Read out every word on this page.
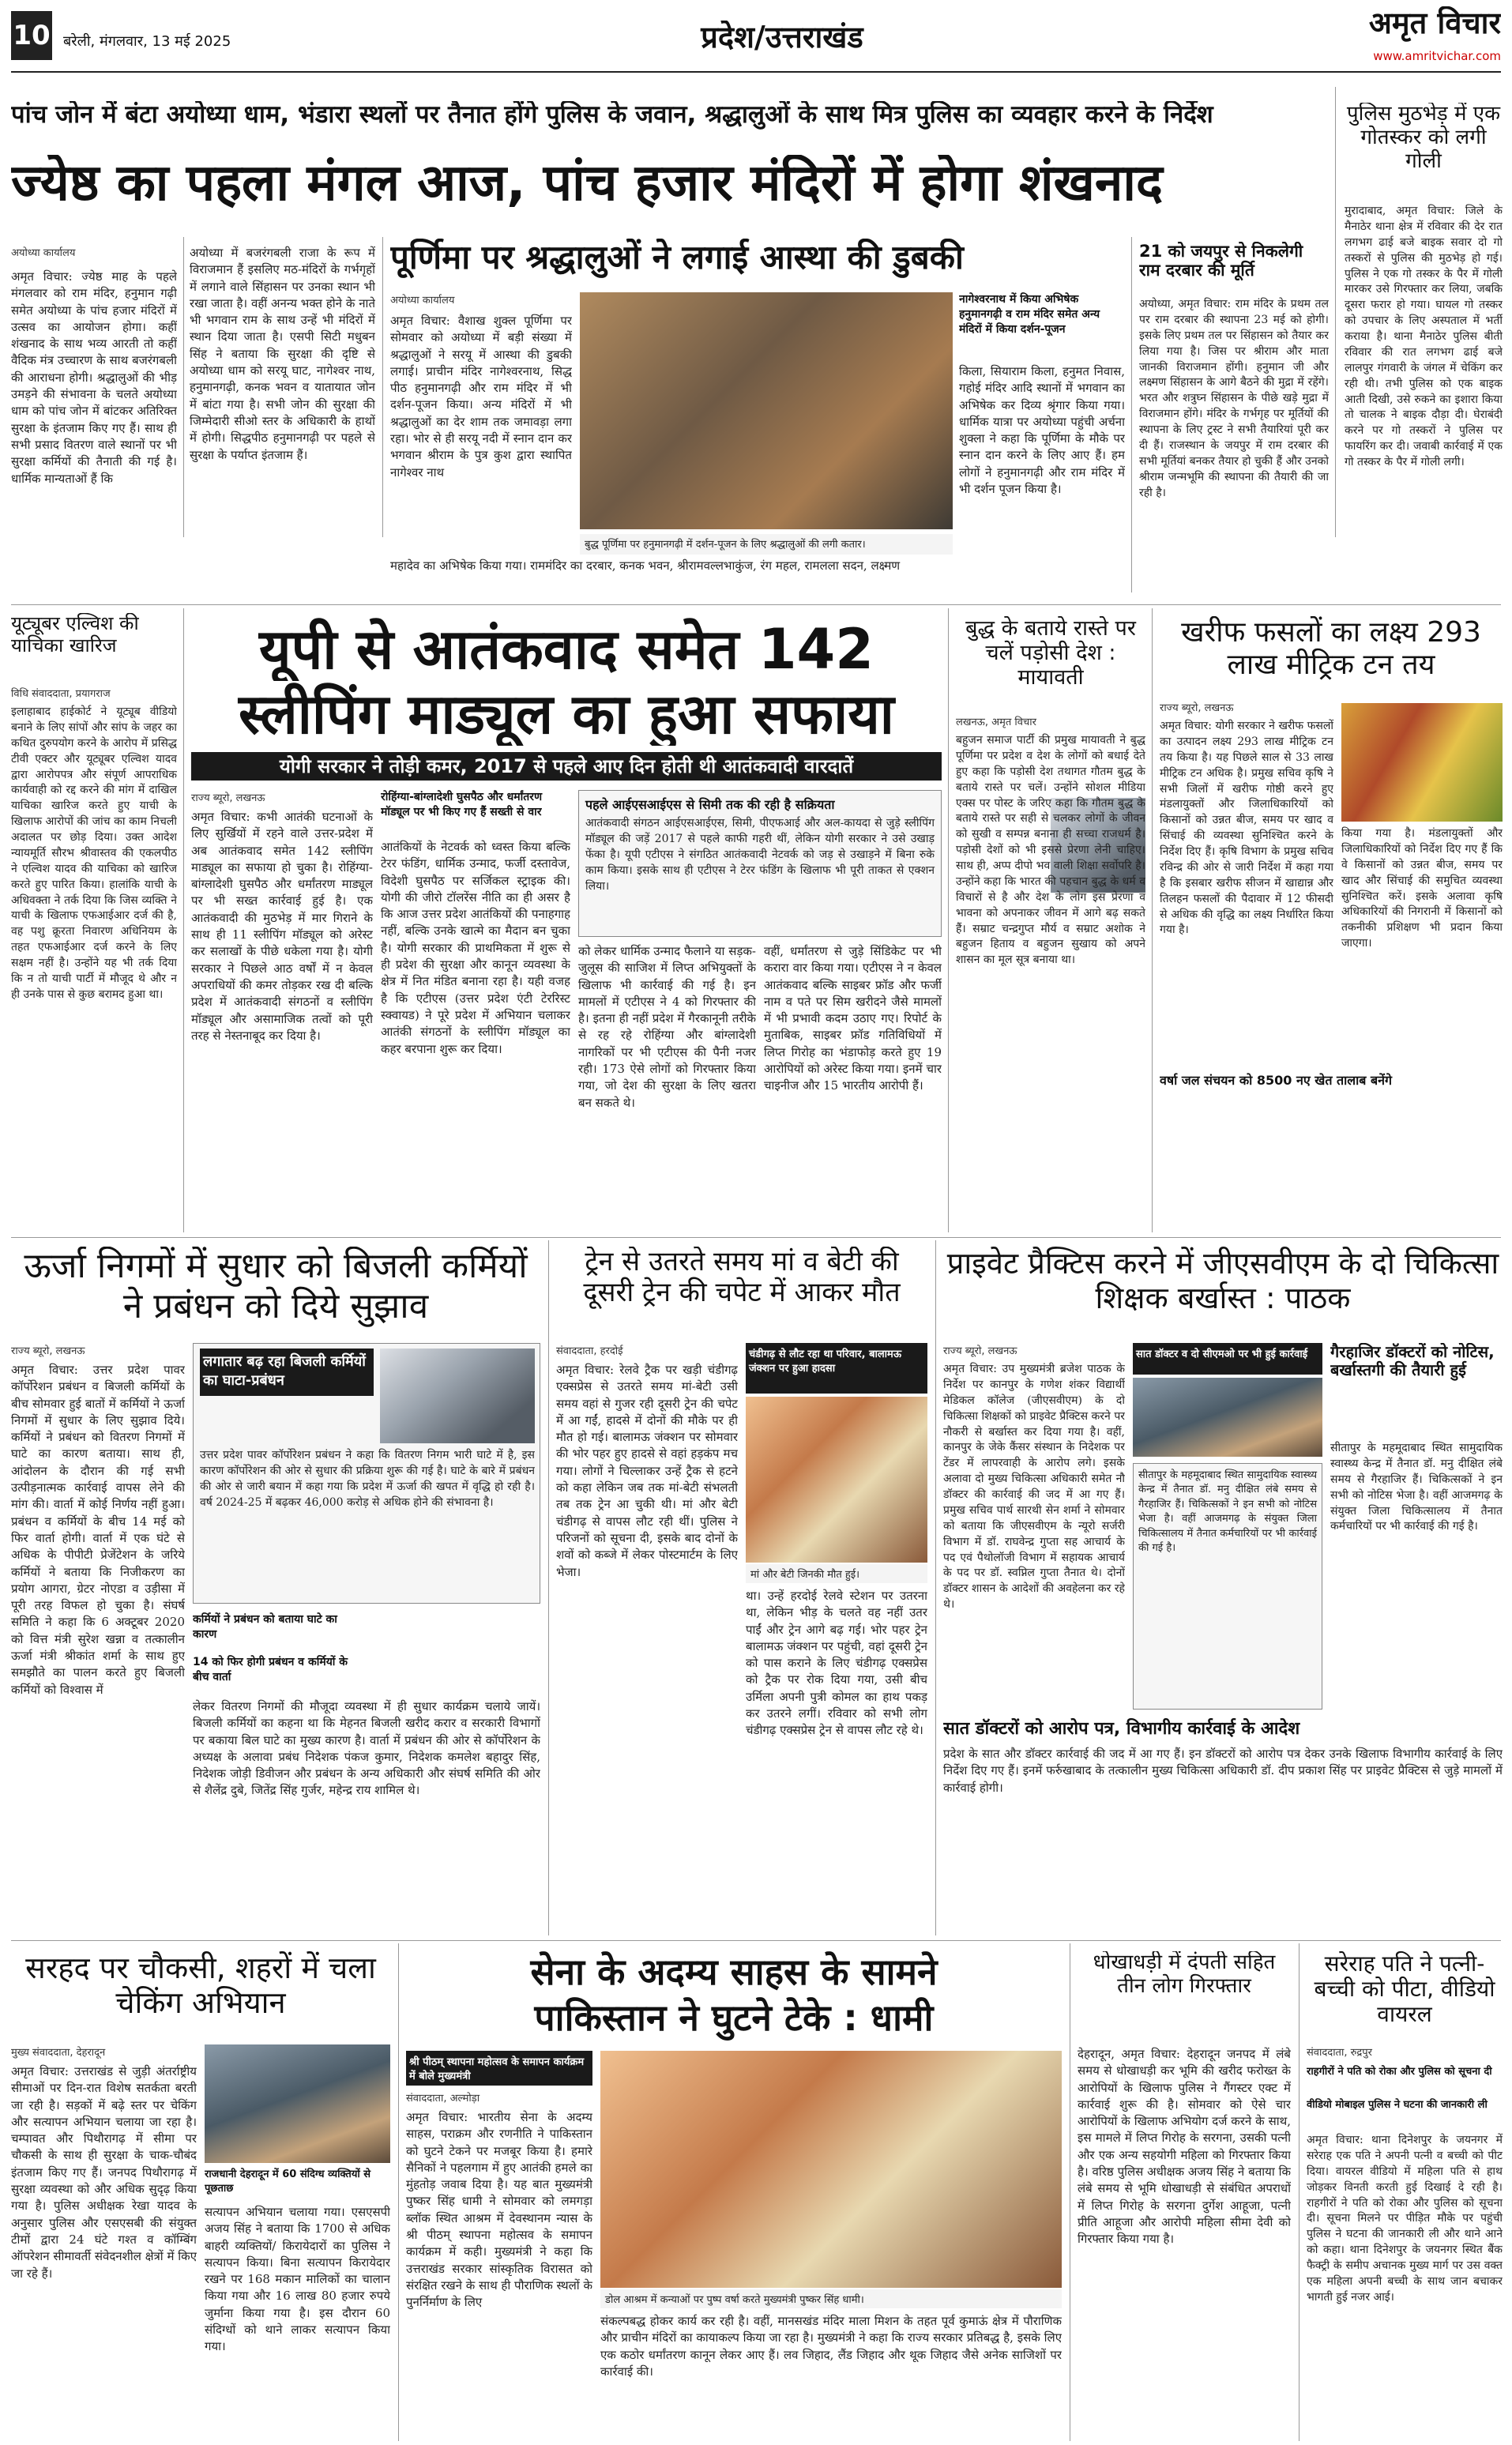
10 बरेली, मंगलवार, 13 मई 2025	प्रदेश/उत्तराखंड	अमृत विचार
www.amritvichar.com
पांच जोन में बंटा अयोध्या धाम, भंडारा स्थलों पर तैनात होंगे पुलिस के जवान, श्रद्धालुओं के साथ मित्र पुलिस का व्यवहार करने के निर्देश
ज्येष्ठ का पहला मंगल आज, पांच हजार मंदिरों में होगा शंखनाद
अयोध्या कार्यालय
अमृत विचार: ज्येष्ठ माह के पहले मंगलवार को राम मंदिर, हनुमान गढ़ी समेत अयोध्या के पांच हजार मंदिरों में उत्सव का आयोजन होगा। कहीं शंखनाद के साथ भव्य आरती तो कहीं वैदिक मंत्र उच्चारण के साथ बजरंगबली की आराधना होगी। श्रद्धालुओं की भीड़ उमड़ने की संभावना के चलते अयोध्या धाम को पांच जोन में बांटकर अतिरिक्त सुरक्षा के इंतजाम किए गए हैं। साथ ही सभी प्रसाद वितरण वाले स्थानों पर भी सुरक्षा कर्मियों की तैनाती की गई है। धार्मिक मान्यताओं हैं कि
अयोध्या में बजरंगबली राजा के रूप में विराजमान हैं इसलिए मठ-मंदिरों के गर्भगृहों में लगाने वाले सिंहासन पर उनका स्थान भी रखा जाता है। वहीं अनन्य भक्त होने के नाते भी भगवान राम के साथ उन्हें भी मंदिरों में स्थान दिया जाता है। एसपी सिटी मधुबन सिंह ने बताया कि सुरक्षा की दृष्टि से अयोध्या धाम को सरयू घाट, नागेश्वर नाथ, हनुमानगढ़ी, कनक भवन व यातायात जोन में बांटा गया है। सभी जोन की सुरक्षा की जिम्मेदारी सीओ स्तर के अधिकारी के हाथों में होगी। सिद्धपीठ हनुमानगढ़ी पर पहले से सुरक्षा के पर्याप्त इंतजाम हैं।
पूर्णिमा पर श्रद्धालुओं ने लगाई आस्था की डुबकी
अयोध्या कार्यालय
अमृत विचार: वैशाख शुक्ल पूर्णिमा पर सोमवार को अयोध्या में बड़ी संख्या में श्रद्धालुओं ने सरयू में आस्था की डुबकी लगाई। प्राचीन मंदिर नागेश्वरनाथ, सिद्ध पीठ हनुमानगढ़ी और राम मंदिर में भी दर्शन-पूजन किया। अन्य मंदिरों में भी श्रद्धालुओं का देर शाम तक जमावड़ा लगा रहा। भोर से ही सरयू नदी में स्नान दान कर भगवान श्रीराम के पुत्र कुश द्वारा स्थापित नागेश्वर नाथ
बुद्ध पूर्णिमा पर हनुमानगढ़ी में दर्शन-पूजन के लिए श्रद्धालुओं की लगी कतार।
नागेश्वरनाथ में किया अभिषेक हनुमानगढ़ी व राम मंदिर समेत अन्य मंदिरों में किया दर्शन-पूजन
किला, सियाराम किला, हनुमत निवास, गहोई मंदिर आदि स्थानों में भगवान का अभिषेक कर दिव्य श्रृंगार किया गया। धार्मिक यात्रा पर अयोध्या पहुंची अर्चना शुक्ला ने कहा कि पूर्णिमा के मौके पर स्नान दान करने के लिए आए हैं। हम लोगों ने हनुमानगढ़ी और राम मंदिर में भी दर्शन पूजन किया है।
महादेव का अभिषेक किया गया। राममंदिर का दरबार, कनक भवन, श्रीरामवल्लभाकुंज, रंग महल, रामलला सदन, लक्ष्मण
21 को जयपुर से निकलेगी राम दरबार की मूर्ति
अयोध्या, अमृत विचार: राम मंदिर के प्रथम तल पर राम दरबार की स्थापना 23 मई को होगी। इसके लिए प्रथम तल पर सिंहासन को तैयार कर लिया गया है। जिस पर श्रीराम और माता जानकी विराजमान होंगी। हनुमान जी और लक्ष्मण सिंहासन के आगे बैठने की मुद्रा में रहेंगे। भरत और शत्रुघ्न सिंहासन के पीछे खड़े मुद्रा में विराजमान होंगे। मंदिर के गर्भगृह पर मूर्तियों की स्थापना के लिए ट्रस्ट ने सभी तैयारियां पूरी कर दी हैं। राजस्थान के जयपुर में राम दरबार की सभी मूर्तियां बनकर तैयार हो चुकी हैं और उनको श्रीराम जन्मभूमि की स्थापना की तैयारी की जा रही है।
पुलिस मुठभेड़ में एक गोतस्कर को लगी गोली
मुरादाबाद, अमृत विचार: जिले के मैनाठेर थाना क्षेत्र में रविवार की देर रात लगभग ढाई बजे बाइक सवार दो गो तस्करों से पुलिस की मुठभेड़ हो गई। पुलिस ने एक गो तस्कर के पैर में गोली मारकर उसे गिरफ्तार कर लिया, जबकि दूसरा फरार हो गया। घायल गो तस्कर को उपचार के लिए अस्पताल में भर्ती कराया है। थाना मैनाठेर पुलिस बीती रविवार की रात लगभग ढाई बजे लालपुर गंगवारी के जंगल में चेकिंग कर रही थी। तभी पुलिस को एक बाइक आती दिखी, उसे रुकने का इशारा किया तो चालक ने बाइक दौड़ा दी। घेराबंदी करने पर गो तस्करों ने पुलिस पर फायरिंग कर दी। जवाबी कार्रवाई में एक गो तस्कर के पैर में गोली लगी।
यूट्यूबर एल्विश की याचिका खारिज
विधि संवाददाता, प्रयागराज
इलाहाबाद हाईकोर्ट ने यूट्यूब वीडियो बनाने के लिए सांपों और सांप के जहर का कथित दुरुपयोग करने के आरोप में प्रसिद्ध टीवी एक्टर और यूट्यूबर एल्विश यादव द्वारा आरोपपत्र और संपूर्ण आपराधिक कार्यवाही को रद्द करने की मांग में दाखिल याचिका खारिज करते हुए याची के खिलाफ आरोपों की जांच का काम निचली अदालत पर छोड़ दिया। उक्त आदेश न्यायमूर्ति सौरभ श्रीवास्तव की एकलपीठ ने एल्विश यादव की याचिका को खारिज करते हुए पारित किया। हालांकि याची के अधिवक्ता ने तर्क दिया कि जिस व्यक्ति ने याची के खिलाफ एफआईआर दर्ज की है, वह पशु क्रूरता निवारण अधिनियम के तहत एफआईआर दर्ज करने के लिए सक्षम नहीं है। उन्होंने यह भी तर्क दिया कि न तो याची पार्टी में मौजूद थे और न ही उनके पास से कुछ बरामद हुआ था।
यूपी से आतंकवाद समेत 142
स्लीपिंग माड्यूल का हुआ सफाया
योगी सरकार ने तोड़ी कमर, 2017 से पहले आए दिन होती थी आतंकवादी वारदातें
राज्य ब्यूरो, लखनऊ
अमृत विचार: कभी आतंकी घटनाओं के लिए सुर्खियों में रहने वाले उत्तर-प्रदेश में अब आतंकवाद समेत 142 स्लीपिंग माड्यूल का सफाया हो चुका है। रोहिंग्या-बांग्लादेशी घुसपैठ और धर्मांतरण माड्यूल पर भी सख्त कार्रवाई हुई है। एक आतंकवादी की मुठभेड़ में मार गिराने के साथ ही 11 स्लीपिंग मॉड्यूल को अरेस्ट कर सलाखों के पीछे धकेला गया है। योगी सरकार ने पिछले आठ वर्षों में न केवल अपराधियों की कमर तोड़कर रख दी बल्कि प्रदेश में आतंकवादी संगठनों व स्लीपिंग मॉड्यूल और असामाजिक तत्वों को पूरी तरह से नेस्तनाबूद कर दिया है।
रोहिंग्या-बांग्लादेशी घुसपैठ और धर्मांतरण मॉड्यूल पर भी किए गए हैं सख्ती से वार
आतंकियों के नेटवर्क को ध्वस्त किया बल्कि टेरर फंडिंग, धार्मिक उन्माद, फर्जी दस्तावेज, विदेशी घुसपैठ पर सर्जिकल स्ट्राइक की। योगी की जीरो टॉलरेंस नीति का ही असर है कि आज उत्तर प्रदेश आतंकियों की पनाहगाह नहीं, बल्कि उनके खात्मे का मैदान बन चुका है। योगी सरकार की प्राथमिकता में शुरू से ही प्रदेश की सुरक्षा और कानून व्यवस्था के क्षेत्र में नित मंडित बनाना रहा है। यही वजह है कि एटीएस (उत्तर प्रदेश एंटी टेररिस्ट स्क्वायड) ने पूरे प्रदेश में अभियान चलाकर आतंकी संगठनों के स्लीपिंग मॉड्यूल का कहर बरपाना शुरू कर दिया।
पहले आईएसआईएस से सिमी तक की रही है सक्रियता
आतंकवादी संगठन आईएसआईएस, सिमी, पीएफआई और अल-कायदा से जुड़े स्लीपिंग मॉड्यूल की जड़ें 2017 से पहले काफी गहरी थीं, लेकिन योगी सरकार ने उसे उखाड़ फेंका है। यूपी एटीएस ने संगठित आतंकवादी नेटवर्क को जड़ से उखाड़ने में बिना रुके काम किया। इसके साथ ही एटीएस ने टेरर फंडिंग के खिलाफ भी पूरी ताकत से एक्शन लिया।
को लेकर धार्मिक उन्माद फैलाने या सड़क-जुलूस की साजिश में लिप्त अभियुक्तों के खिलाफ भी कार्रवाई की गई है। इन मामलों में एटीएस ने 4 को गिरफ्तार की है। इतना ही नहीं प्रदेश में गैरकानूनी तरीके से रह रहे रोहिंग्या और बांग्लादेशी नागरिकों पर भी एटीएस की पैनी नजर रही। 173 ऐसे लोगों को गिरफ्तार किया गया, जो देश की सुरक्षा के लिए खतरा बन सकते थे।
वहीं, धर्मांतरण से जुड़े सिंडिकेट पर भी करारा वार किया गया। एटीएस ने न केवल आतंकवाद बल्कि साइबर फ्रॉड और फर्जी नाम व पते पर सिम खरीदने जैसे मामलों में भी प्रभावी कदम उठाए गए। रिपोर्ट के मुताबिक, साइबर फ्रॉड गतिविधियों में लिप्त गिरोह का भंडाफोड़ करते हुए 19 आरोपियों को अरेस्ट किया गया। इनमें चार चाइनीज और 15 भारतीय आरोपी हैं।
बुद्ध के बताये रास्ते पर चलें पड़ोसी देश : मायावती
लखनऊ, अमृत विचार
बहुजन समाज पार्टी की प्रमुख मायावती ने बुद्ध पूर्णिमा पर प्रदेश व देश के लोगों को बधाई देते हुए कहा कि पड़ोसी देश तथागत गौतम बुद्ध के बताये रास्ते पर चलें। उन्होंने सोशल मीडिया एक्स पर पोस्ट के जरिए कहा कि गौतम बुद्ध के बताये रास्ते पर सही से चलकर लोगों के जीवन को सुखी व सम्पन्न बनाना ही सच्चा राजधर्म है। पड़ोसी देशों को भी इससे प्रेरणा लेनी चाहिए। साथ ही, अप्प दीपो भव वाली शिक्षा सर्वोपरि है। उन्होंने कहा कि भारत की पहचान बुद्ध के धर्म व विचारों से है और देश के लोग इस प्रेरणा व भावना को अपनाकर जीवन में आगे बढ़ सकते हैं। सम्राट चन्द्रगुप्त मौर्य व सम्राट अशोक ने बहुजन हिताय व बहुजन सुखाय को अपने शासन का मूल सूत्र बनाया था।
खरीफ फसलों का लक्ष्य 293 लाख मीट्रिक टन तय
राज्य ब्यूरो, लखनऊ
अमृत विचार: योगी सरकार ने खरीफ फसलों का उत्पादन लक्ष्य 293 लाख मीट्रिक टन तय किया है। यह पिछले साल से 33 लाख मीट्रिक टन अधिक है। प्रमुख सचिव कृषि ने सभी जिलों में खरीफ गोष्ठी करने हुए मंडलायुक्तों और जिलाधिकारियों को किसानों को उन्नत बीज, समय पर खाद व सिंचाई की व्यवस्था सुनिश्चित करने के निर्देश दिए हैं। कृषि विभाग के प्रमुख सचिव रविन्द्र की ओर से जारी निर्देश में कहा गया है कि इसबार खरीफ सीजन में खाद्यान्न और तिलहन फसलों की पैदावार में 12 फीसदी से अधिक की वृद्धि का लक्ष्य निर्धारित किया गया है।
किया गया है। मंडलायुक्तों और जिलाधिकारियों को निर्देश दिए गए हैं कि वे किसानों को उन्नत बीज, समय पर खाद और सिंचाई की समुचित व्यवस्था सुनिश्चित करें। इसके अलावा कृषि अधिकारियों की निगरानी में किसानों को तकनीकी प्रशिक्षण भी प्रदान किया जाएगा।
वर्षा जल संचयन को 8500 नए खेत तालाब बनेंगे
ऊर्जा निगमों में सुधार को बिजली कर्मियों ने प्रबंधन को दिये सुझाव
राज्य ब्यूरो, लखनऊ
अमृत विचार: उत्तर प्रदेश पावर कॉर्पोरेशन प्रबंधन व बिजली कर्मियों के बीच सोमवार हुई बातों में कर्मियों ने ऊर्जा निगमों में सुधार के लिए सुझाव दिये। कर्मियों ने प्रबंधन को वितरण निगमों में घाटे का कारण बताया। साथ ही, आंदोलन के दौरान की गई सभी उत्पीड़नात्मक कार्रवाई वापस लेने की मांग की। वार्ता में कोई निर्णय नहीं हुआ। प्रबंधन व कर्मियों के बीच 14 मई को फिर वार्ता होगी। वार्ता में एक घंटे से अधिक के पीपीटी प्रेजेंटेशन के जरिये कर्मियों ने बताया कि निजीकरण का प्रयोग आगरा, ग्रेटर नोएडा व उड़ीसा में पूरी तरह विफल हो चुका है। संघर्ष समिति ने कहा कि 6 अक्टूबर 2020 को वित्त मंत्री सुरेश खन्ना व तत्कालीन ऊर्जा मंत्री श्रीकांत शर्मा के साथ हुए समझौते का पालन करते हुए बिजली कर्मियों को विश्वास में
लगातार बढ़ रहा बिजली कर्मियों का घाटा-प्रबंधन
उत्तर प्रदेश पावर कॉर्पोरेशन प्रबंधन ने कहा कि वितरण निगम भारी घाटे में है, इस कारण कॉर्पोरेशन की ओर से सुधार की प्रक्रिया शुरू की गई है। घाटे के बारे में प्रबंधन की ओर से जारी बयान में कहा गया कि प्रदेश में ऊर्जा की खपत में वृद्धि हो रही है। वर्ष 2024-25 में बढ़कर 46,000 करोड़ से अधिक होने की संभावना है।
कर्मियों ने प्रबंधन को बताया घाटे का कारण
14 को फिर होगी प्रबंधन व कर्मियों के बीच वार्ता
लेकर वितरण निगमों की मौजूदा व्यवस्था में ही सुधार कार्यक्रम चलाये जायें। बिजली कर्मियों का कहना था कि मेहनत बिजली खरीद करार व सरकारी विभागों पर बकाया बिल घाटे का मुख्य कारण है। वार्ता में प्रबंधन की ओर से कॉर्पोरेशन के अध्यक्ष के अलावा प्रबंध निदेशक पंकज कुमार, निदेशक कमलेश बहादुर सिंह, निदेशक जोड़ी डिवीजन और प्रबंधन के अन्य अधिकारी और संघर्ष समिति की ओर से शैलेंद्र दुबे, जितेंद्र सिंह गुर्जर, महेन्द्र राय शामिल थे।
ट्रेन से उतरते समय मां व बेटी की दूसरी ट्रेन की चपेट में आकर मौत
संवाददाता, हरदोई
अमृत विचार: रेलवे ट्रैक पर खड़ी चंडीगढ़ एक्सप्रेस से उतरते समय मां-बेटी उसी समय वहां से गुजर रही दूसरी ट्रेन की चपेट में आ गईं, हादसे में दोनों की मौके पर ही मौत हो गई। बालामऊ जंक्शन पर सोमवार की भोर पहर हुए हादसे से वहां हड़कंप मच गया। लोगों ने चिल्लाकर उन्हें ट्रैक से हटने को कहा लेकिन जब तक मां-बेटी संभलती तब तक ट्रेन आ चुकी थी। मां और बेटी चंडीगढ़ से वापस लौट रही थीं। पुलिस ने परिजनों को सूचना दी, इसके बाद दोनों के शवों को कब्जे में लेकर पोस्टमार्टम के लिए भेजा।
चंडीगढ़ से लौट रहा था परिवार, बालामऊ जंक्शन पर हुआ हादसा
मां और बेटी जिनकी मौत हुई।
था। उन्हें हरदोई रेलवे स्टेशन पर उतरना था, लेकिन भीड़ के चलते वह नहीं उतर पाईं और ट्रेन आगे बढ़ गई। भोर पहर ट्रेन बालामऊ जंक्शन पर पहुंची, वहां दूसरी ट्रेन को पास कराने के लिए चंडीगढ़ एक्सप्रेस को ट्रैक पर रोक दिया गया, उसी बीच उर्मिला अपनी पुत्री कोमल का हाथ पकड़ कर उतरने लगीं। रविवार को सभी लोग चंडीगढ़ एक्सप्रेस ट्रेन से वापस लौट रहे थे।
प्राइवेट प्रैक्टिस करने में जीएसवीएम के दो चिकित्सा शिक्षक बर्खास्त : पाठक
राज्य ब्यूरो, लखनऊ
अमृत विचार: उप मुख्यमंत्री ब्रजेश पाठक के निर्देश पर कानपुर के गणेश शंकर विद्यार्थी मेडिकल कॉलेज (जीएसवीएम) के दो चिकित्सा शिक्षकों को प्राइवेट प्रैक्टिस करने पर नौकरी से बर्खास्त कर दिया गया है। वहीं, कानपुर के जेके कैंसर संस्थान के निदेशक पर टेंडर में लापरवाही के आरोप लगे। इसके अलावा दो मुख्य चिकित्सा अधिकारी समेत नौ डॉक्टर की कार्रवाई की जद में आ गए हैं। प्रमुख सचिव पार्थ सारथी सेन शर्मा ने सोमवार को बताया कि जीएसवीएम के न्यूरो सर्जरी विभाग में डॉ. राघवेन्द्र गुप्ता सह आचार्य के पद एवं पैथोलॉजी विभाग में सहायक आचार्य के पद पर डॉ. स्वप्निल गुप्ता तैनात थे। दोनों डॉक्टर शासन के आदेशों की अवहेलना कर रहे थे।
सात डॉक्टर व दो सीएमओ पर भी हुई कार्रवाई	गैरहाजिर डॉक्टरों को नोटिस, बर्खास्तगी की तैयारी हुई
सीतापुर के महमूदाबाद स्थित सामुदायिक स्वास्थ्य केन्द्र में तैनात डॉ. मनु दीक्षित लंबे समय से गैरहाजिर हैं। चिकित्सकों ने इन सभी को नोटिस भेजा है। वहीं आजमगढ़ के संयुक्त जिला चिकित्सालय में तैनात कर्मचारियों पर भी कार्रवाई की गई है।
सीतापुर के महमूदाबाद स्थित सामुदायिक स्वास्थ्य केन्द्र में तैनात डॉ. मनु दीक्षित लंबे समय से गैरहाजिर हैं। चिकित्सकों ने इन सभी को नोटिस भेजा है। वहीं आजमगढ़ के संयुक्त जिला चिकित्सालय में तैनात कर्मचारियों पर भी कार्रवाई की गई है।
सात डॉक्टरों को आरोप पत्र, विभागीय कार्रवाई के आदेश
प्रदेश के सात और डॉक्टर कार्रवाई की जद में आ गए हैं। इन डॉक्टरों को आरोप पत्र देकर उनके खिलाफ विभागीय कार्रवाई के लिए निर्देश दिए गए हैं। इनमें फर्रुखाबाद के तत्कालीन मुख्य चिकित्सा अधिकारी डॉ. दीप प्रकाश सिंह पर प्राइवेट प्रैक्टिस से जुड़े मामलों में कार्रवाई होगी।
सरहद पर चौकसी, शहरों में चला चेकिंग अभियान
मुख्य संवाददाता, देहरादून
अमृत विचार: उत्तराखंड से जुड़ी अंतर्राष्ट्रीय सीमाओं पर दिन-रात विशेष सतर्कता बरती जा रही है। सड़कों में बढ़े स्तर पर चेकिंग और सत्यापन अभियान चलाया जा रहा है। चम्पावत और पिथौरागढ़ में सीमा पर चौकसी के साथ ही सुरक्षा के चाक-चौबंद इंतजाम किए गए हैं। जनपद पिथौरागढ़ में सुरक्षा व्यवस्था को और अधिक सुदृढ़ किया गया है। पुलिस अधीक्षक रेखा यादव के अनुसार पुलिस और एसएसबी की संयुक्त टीमों द्वारा 24 घंटे गश्त व कॉम्बिंग ऑपरेशन सीमावर्ती संवेदनशील क्षेत्रों में किए जा रहे हैं।
राजधानी देहरादून में 60 संदिग्ध व्यक्तियों से पूछताछ
सत्यापन अभियान चलाया गया। एसएसपी अजय सिंह ने बताया कि 1700 से अधिक बाहरी व्यक्तियों/ किरायेदारों का पुलिस ने सत्यापन किया। बिना सत्यापन किरायेदार रखने पर 168 मकान मालिकों का चालान किया गया और 16 लाख 80 हजार रुपये जुर्माना किया गया है। इस दौरान 60 संदिग्धों को थाने लाकर सत्यापन किया गया।
सेना के अदम्य साहस के सामने
पाकिस्तान ने घुटने टेके : धामी
श्री पीठम् स्थापना महोत्सव के समापन कार्यक्रम में बोले मुख्यमंत्री
संवाददाता, अल्मोड़ा
अमृत विचार: भारतीय सेना के अदम्य साहस, पराक्रम और रणनीति ने पाकिस्तान को घुटने टेकने पर मजबूर किया है। हमारे सैनिकों ने पहलगाम में हुए आतंकी हमले का मुंहतोड़ जवाब दिया है। यह बात मुख्यमंत्री पुष्कर सिंह धामी ने सोमवार को लमगड़ा ब्लॉक स्थित आश्रम में देवस्थानम न्यास के श्री पीठम् स्थापना महोत्सव के समापन कार्यक्रम में कही। मुख्यमंत्री ने कहा कि उत्तराखंड सरकार सांस्कृतिक विरासत को संरक्षित रखने के साथ ही पौराणिक स्थलों के पुनर्निर्माण के लिए	डोल आश्रम में कन्याओं पर पुष्प वर्षा करते मुख्यमंत्री पुष्कर सिंह धामी।
संकल्पबद्ध होकर कार्य कर रही है। वहीं, मानसखंड मंदिर माला मिशन के तहत पूर्व कुमाऊं क्षेत्र में पौराणिक और प्राचीन मंदिरों का कायाकल्प किया जा रहा है। मुख्यमंत्री ने कहा कि राज्य सरकार प्रतिबद्ध है, इसके लिए एक कठोर धर्मांतरण कानून लेकर आए हैं। लव जिहाद, लैंड जिहाद और थूक जिहाद जैसे अनेक साजिशों पर कार्रवाई की।
धोखाधड़ी में दंपती सहित तीन लोग गिरफ्तार
देहरादून, अमृत विचार: देहरादून जनपद में लंबे समय से धोखाधड़ी कर भूमि की खरीद फरोख्त के आरोपियों के खिलाफ पुलिस ने गैंगस्टर एक्ट में कार्रवाई शुरू की है। सोमवार को ऐसे चार आरोपियों के खिलाफ अभियोग दर्ज करने के साथ, इस मामले में लिप्त गिरोह के सरगना, उसकी पत्नी और एक अन्य सहयोगी महिला को गिरफ्तार किया है। वरिष्ठ पुलिस अधीक्षक अजय सिंह ने बताया कि लंबे समय से भूमि धोखाधड़ी से संबंधित अपराधों में लिप्त गिरोह के सरगना दुर्गेश आहूजा, पत्नी प्रीति आहूजा और आरोपी महिला सीमा देवी को गिरफ्तार किया गया है।
सरेराह पति ने पत्नी-बच्ची को पीटा, वीडियो वायरल
संवाददाता, रुद्रपुर
राहगीरों ने पति को रोका और पुलिस को सूचना दी
वीडियो मोबाइल पुलिस ने घटना की जानकारी ली
अमृत विचार: थाना दिनेशपुर के जयनगर में सरेराह एक पति ने अपनी पत्नी व बच्ची को पीट दिया। वायरल वीडियो में महिला पति से हाथ जोड़कर विनती करती हुई दिखाई दे रही है। राहगीरों ने पति को रोका और पुलिस को सूचना दी। सूचना मिलने पर पीड़ित मौके पर पहुंची पुलिस ने घटना की जानकारी ली और थाने आने को कहा। थाना दिनेशपुर के जयनगर स्थित बैंक फैक्ट्री के समीप अचानक मुख्य मार्ग पर उस वक्त एक महिला अपनी बच्ची के साथ जान बचाकर भागती हुई नजर आई।
